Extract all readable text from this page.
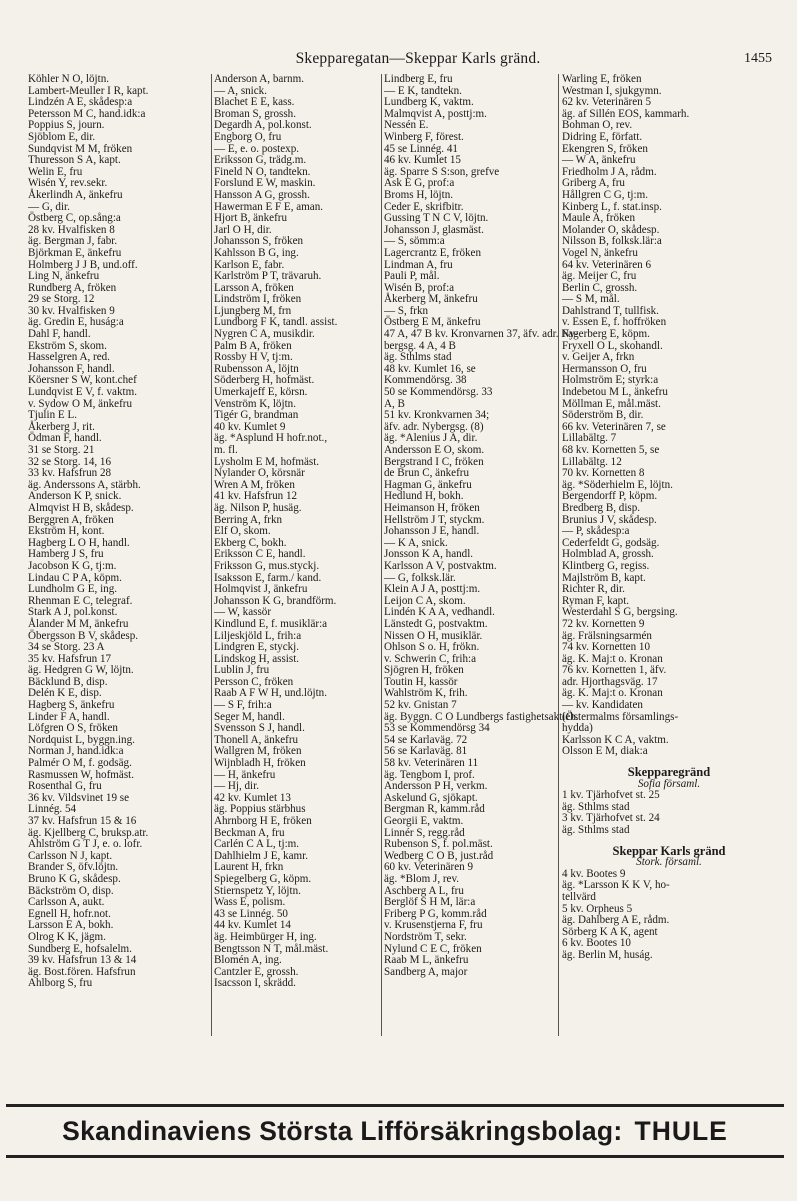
Skepparegatan—Skeppar Karls gränd.	1455
Köhler N O, löjtn.
Lambert-Meuller I R, kapt.
Lindzén A E, skådesp:a
Petersson M C, hand.idk:a
Poppius S, journ.
Sjöblom E, dir.
Sundqvist M M, fröken
Thuresson S A, kapt.
Welin E, fru
Wisén Y, rev.sekr.
Åkerlindh A, änkefru
— G, dir.
Östberg C, op.sång:a
28 kv. Hvalfisken 8
äg. Bergman J, fabr.
Björkman E, änkefru
Holmberg J J B, und.off.
Ling N, änkefru
Rundberg A, fröken
29 se Storg. 12
30 kv. Hvalfisken 9
äg. Gredin E, huság:a
Dahl F, handl.
Ekström S, skom.
Hasselgren A, red.
Johansson F, handl.
Köersner S W, kont.chef
Lundqvist E V, f. vaktm.
v. Sydow O M, änkefru
Tjulin E L.
Åkerberg J, rit.
Ödman F, handl.
31 se Storg. 21
32 se Storg. 14, 16
33 kv. Hafsfrun 28
äg. Anderssons A, stärbh.
Anderson K P, snick.
Almqvist H B, skådesp.
Berggren A, fröken
Ekström H, kont.
Hagberg L O H, handl.
Hamberg J S, fru
Jacobson K G, tj:m.
Lindau C P A, köpm.
Lundholm G E, ing.
Rhenman E C, telegraf.
Stark A J, pol.konst.
Ålander M M, änkefru
Öbergsson B V, skådesp.
34 se Storg. 23 A
35 kv. Hafsfrun 17
äg. Hedgren G W, löjtn.
Bäcklund B, disp.
Delén K E, disp.
Hagberg S, änkefru
Linder F A, handl.
Löfgren O S, fröken
Nordquist L, byggn.ing.
Norman J, hand.idk:a
Palmér O M, f. godsäg.
Rasmussen W, hofmäst.
Rosenthal G, fru
36 kv. Vildsvinet 19 se
Linnég. 54
37 kv. Hafsfrun 15 & 16
äg. Kjellberg C, bruksp.atr.
Ahlström G T J, e. o. lofr.
Carlsson N J, kapt.
Brander S, öfv.löjtn.
Bruno K G, skådesp.
Bäckström O, disp.
Carlsson A, aukt.
Egnell H, hofr.not.
Larsson E A, bokh.
Olrog K K, jägm.
Sundberg E, hofsalelm.
39 kv. Hafsfrun 13 & 14
äg. Bost.fören. Hafsfrun
Ahlborg S, fru
Anderson A, barnm.
— A, snick.
Blachet E E, kass.
Broman S, grossh.
Degardh A, pol.konst.
Engborg O, fru
— E, e. o. postexp.
Eriksson G, trädg.m.
Fineld N O, tandtekn.
Forslund E W, maskin.
Hansson A G, grossh.
Hawerman E F E, aman.
Hjort B, änkefru
Jarl O H, dir.
Johansson S, fröken
Kahlsson B G, ing.
Karlson E, fabr.
Karlström P T, trävaruh.
Larsson A, fröken
Lindström I, fröken
Ljungberg M, frn
Lundborg F K, tandl. assist.
Nygren C A, musikdir.
Palm B A, fröken
Rossby H V, tj:m.
Rubensson A, löjtn
Söderberg H, hofmäst.
Umerkajeff E, körsn.
Venström K, löjtn.
Tigér G, brandman
40 kv. Kumlet 9
äg. *Asplund H hofr.not.,
m. fl.
Lysholm E M, hofmäst.
Nylander O, körsnär
Wren A M, fröken
41 kv. Hafsfrun 12
äg. Nilson P, husäg.
Berring A, frkn
Elf O, skom.
Ekberg C, bokh.
Eriksson C E, handl.
Friksson G, mus.styckj.
Isaksson E, farm./ kand.
Holmqvist J, änkefru
Johansson K G, brandförm.
— W, kassör
Kindlund E, f. musiklär:a
Liljeskjöld L, frih:a
Lindgren E, styckj.
Lindskog H, assist.
Lublin J, fru
Persson C, fröken
Raab A F W H, und.löjtn.
— S F, frih:a
Seger M, handl.
Svensson S J, handl.
Thonell A, änkefru
Wallgren M, fröken
Wijnbladh H, fröken
— H, änkefru
— Hj, dir.
42 kv. Kumlet 13
äg. Poppius stärbhus
Ahrnborg H E, fröken
Beckman A, fru
Carlén C A L, tj:m.
Dahlhielm J E, kamr.
Laurent H, frkn
Spiegelberg G, köpm.
Stiernspetz Y, löjtn.
Wass E, polism.
43 se Linnég. 50
44 kv. Kumlet 14
äg. Heimbürger H, ing.
Bengtsson N T, mål.mäst.
Blomén A, ing.
Cantzler E, grossh.
Isacsson I, skrädd.
Lindberg E, fru
— E K, tandtekn.
Lundberg K, vaktm.
Malmqvist A, posttj:m.
Nessén E.
Winberg F, förest.
45 se Linnég. 41
46 kv. Kumlet 15
äg. Sparre S S:son, grefve
Ask E G, prof:a
Broms H, löjtn.
Ceder E, skrifbitr.
Gussing T N C V, löjtn.
Johansson J, glasmäst.
— S, sömm:a
Lagercrantz E, fröken
Lindman A, fru
Pauli P, mål.
Wisén B, prof:a
Åkerberg M, änkefru
— S, frkn
Östberg E M, änkefru
47 A, 47 B kv. Kronvarnen 37, äfv. adr. Ny-
bergsg. 4 A, 4 B
äg. Sthlms stad
48 kv. Kumlet 16, se
Kommendörsg. 38
50 se Kommendörsg. 33
A, B
51 kv. Kronkvarnen 34;
äfv. adr. Nybergsg. (8)
äg. *Alenius J A, dir.
Andersson E O, skom.
Bergstrand I C, fröken
de Brun C, änkefru
Hagman G, änkefru
Hedlund H, bokh.
Heimanson H, fröken
Hellström J T, styckm.
Johansson J E, handl.
— K A, snick.
Jonsson K A, handl.
Karlsson A V, postvaktm.
— G, folksk.lär.
Klein A J A, posttj:m.
Leijon C A, skom.
Lindén K A A, vedhandl.
Länstedt G, postvaktm.
Nissen O H, musiklär.
Ohlson S o. H, frökn.
v. Schwerin C, frih:a
Sjögren H, fröken
Toutin H, kassör
Wahlström K, frih.
52 kv. Gnistan 7
äg. Byggn. C O Lundbergs fastighetsaktieb.
53 se Kommendörsg 34
54 se Karlaväg. 72
56 se Karlaväg. 81
58 kv. Veterinären 11
äg. Tengbom I, prof.
Andersson P H, verkm.
Askelund G, sjökapt.
Bergman R, kamm.råd
Georgii E, vaktm.
Linnér S, regg.råd
Rubenson S, f. pol.mäst.
Wedberg C O B, just.råd
60 kv. Veterinären 9
äg. *Blom J, rev.
Aschberg A L, fru
Berglöf S H M, lär:a
Friberg P G, komm.råd
v. Krusenstjerna F, fru
Nordström T, sekr.
Nylund C E C, fröken
Raab M L, änkefru
Sandberg A, major
Warling E, fröken
Westman I, sjukgymn.
62 kv. Veterinären 5
äg. af Sillén EOS, kammarh.
Bohman O, rev.
Didring E, författ.
Ekengren S, fröken
— W A, änkefru
Friedholm J A, rådm.
Griberg A, fru
Hållgren C G, tj:m.
Kinberg L, f. stat.insp.
Maule A, fröken
Molander O, skådesp.
Nilsson B, folksk.lär:a
Vogel N, änkefru
64 kv. Veterinären 6
äg. Meijer C, fru
Berlin C, grossh.
— S M, mål.
Dahlstrand T, tullfisk.
v. Essen E, f. hoffröken
Fagerberg E, köpm.
Fryxell O L, skohandl.
v. Geijer A, frkn
Hermansson O, fru
Holmström E; styrk:a
Indebetou M L, änkefru
Möllman E, mål.mäst.
Söderström B, dir.
66 kv. Veterinären 7, se
Lillabältg. 7
68 kv. Kornetten 5, se
Lillabältg. 12
70 kv. Kornetten 8
äg. *Söderhielm E, löjtn.
Bergendorff P, köpm.
Bredberg B, disp.
Brunius J V, skådesp.
— P, skådesp:a
Cederfeldt G, godsäg.
Holmblad A, grossh.
Klintberg G, regiss.
Majlström B, kapt.
Richter R, dir.
Ryman F, kapt.
Westerdahl S G, bergsing.
72 kv. Kornetten 9
äg. Frälsningsarmén
74 kv. Kornetten 10
äg. K. Maj:t o. Kronan
76 kv. Kornetten 1, äfv.
adr. Hjorthagsväg. 17
äg. K. Maj:t o. Kronan
— kv. Kandidaten
(Östermalms församlings-
hydda)
Karlsson K C A, vaktm.
Olsson E M, diak:a
Skepparegränd
Sofia församl.
1 kv. Tjärhofvet st. 25
äg. Sthlms stad
3 kv. Tjärhofvet st. 24
äg. Sthlms stad
Skeppar Karls gränd
Stork. församl.
4 kv. Bootes 9
äg. *Larsson K K V, ho-
tellvärd
5 kv. Orpheus 5
äg. Dahlberg A E, rådm.
Sörberg K A K, agent
6 kv. Bootes 10
äg. Berlin M, huság.
Skandinaviens Största Lifförsäkringsbolag: THULE
